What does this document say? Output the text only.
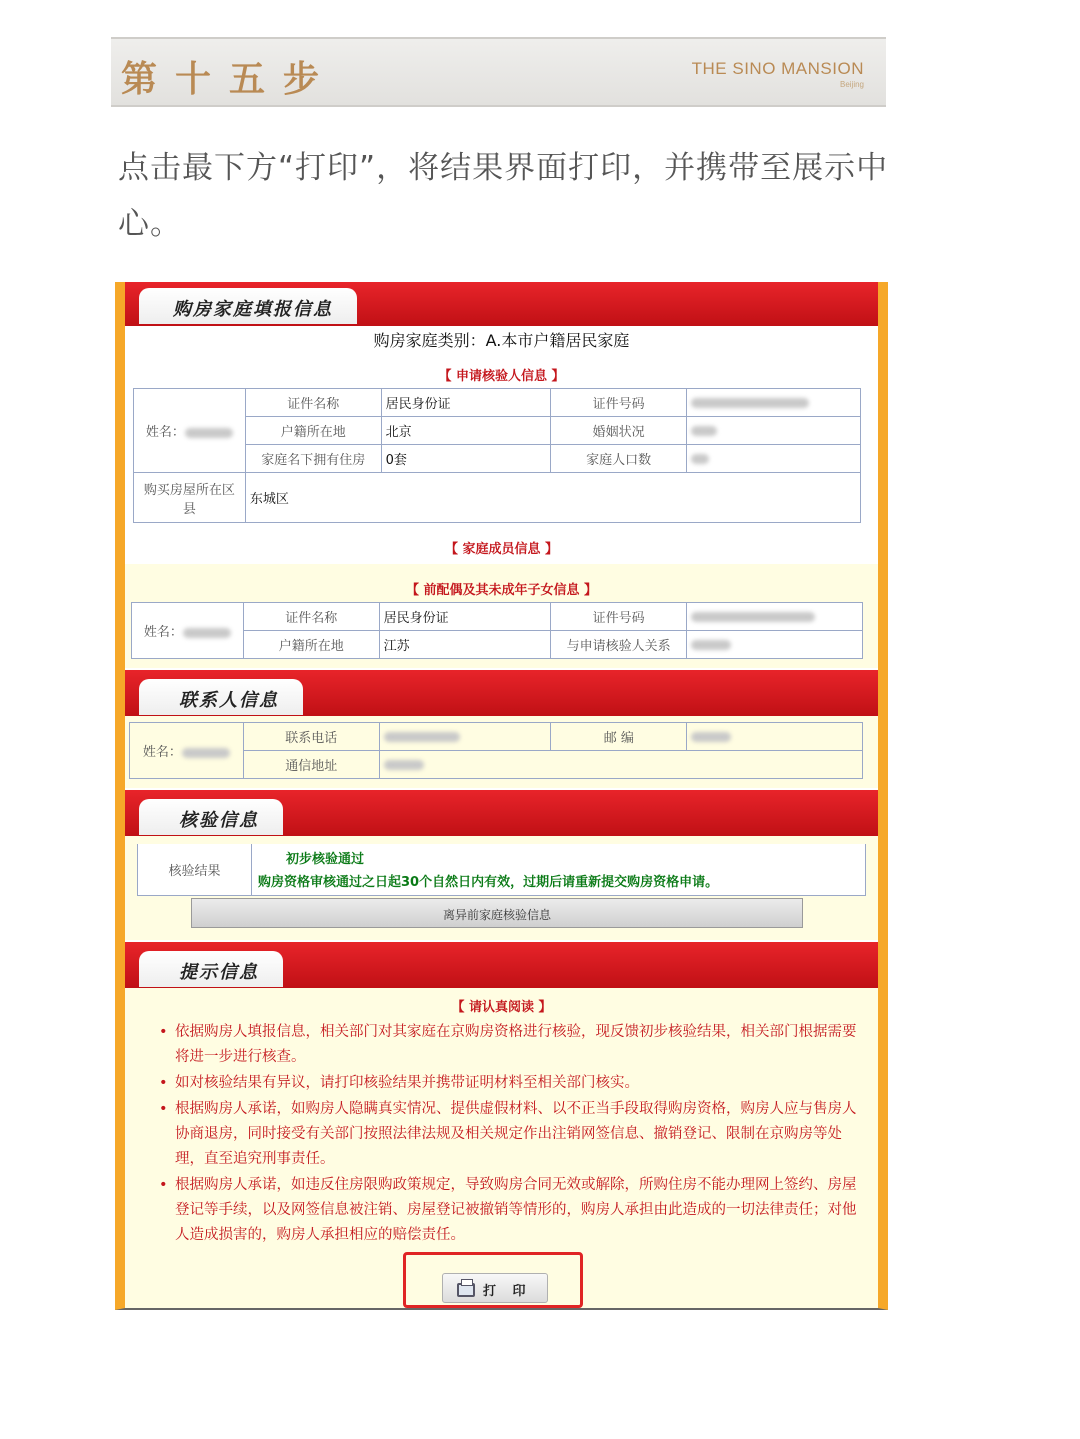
第十五步	THE SINO MANSION
Beijing
点击最下方“打印”，将结果界面打印，并携带至展示中心。
购房家庭填报信息
购房家庭类别：A.本市户籍居民家庭
【 申请核验人信息 】
姓名：	证件名称	居民身份证	证件号码	
	户籍所在地	北京	婚姻状况	
	家庭名下拥有住房	0套	家庭人口数	
购买房屋所在区县	东城区			
【 家庭成员信息 】
【 前配偶及其未成年子女信息 】
姓名：	证件名称	居民身份证	证件号码	
	户籍所在地	江苏	与申请核验人关系	
联系人信息
姓名：	联系电话		邮 编	
	通信地址			
核验信息
核验结果
初步核验通过
购房资格审核通过之日起30个自然日内有效，过期后请重新提交购房资格申请。
离异前家庭核验信息
提示信息
【 请认真阅读 】
• 依据购房人填报信息，相关部门对其家庭在京购房资格进行核验，现反馈初步核验结果，相关部门根据需要将进一步进行核查。
• 如对核验结果有异议，请打印核验结果并携带证明材料至相关部门核实。
• 根据购房人承诺，如购房人隐瞒真实情况、提供虚假材料、以不正当手段取得购房资格，购房人应与售房人协商退房，同时接受有关部门按照法律法规及相关规定作出注销网签信息、撤销登记、限制在京购房等处理，直至追究刑事责任。
• 根据购房人承诺，如违反住房限购政策规定，导致购房合同无效或解除，所购住房不能办理网上签约、房屋登记等手续，以及网签信息被注销、房屋登记被撤销等情形的，购房人承担由此造成的一切法律责任；对他人造成损害的，购房人承担相应的赔偿责任。
打 印
